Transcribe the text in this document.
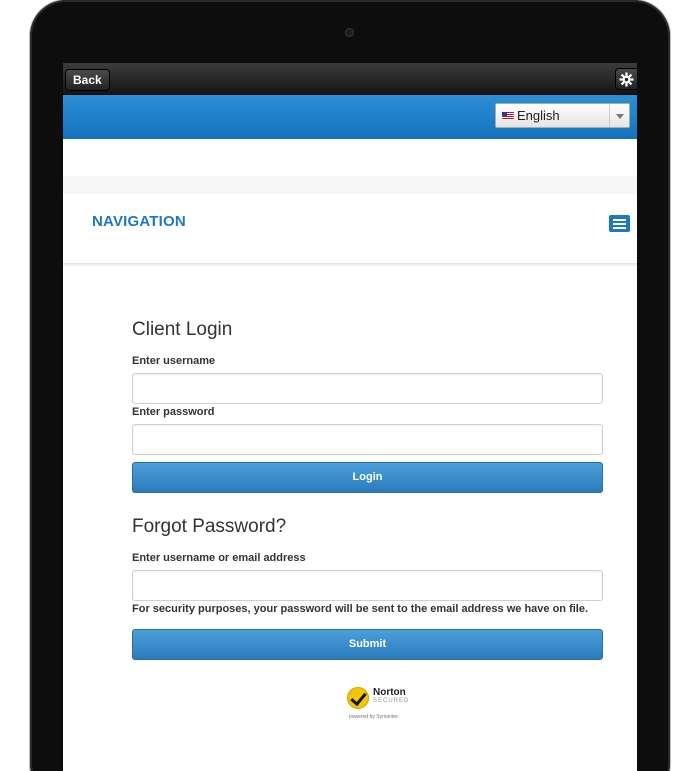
Back
English
NAVIGATION
Client Login
Enter username
Enter password
Login
Forgot Password?
Enter username or email address
For security purposes, your password will be sent to the email address we have on file.
Submit
Norton
SECURED
powered by Symantec
